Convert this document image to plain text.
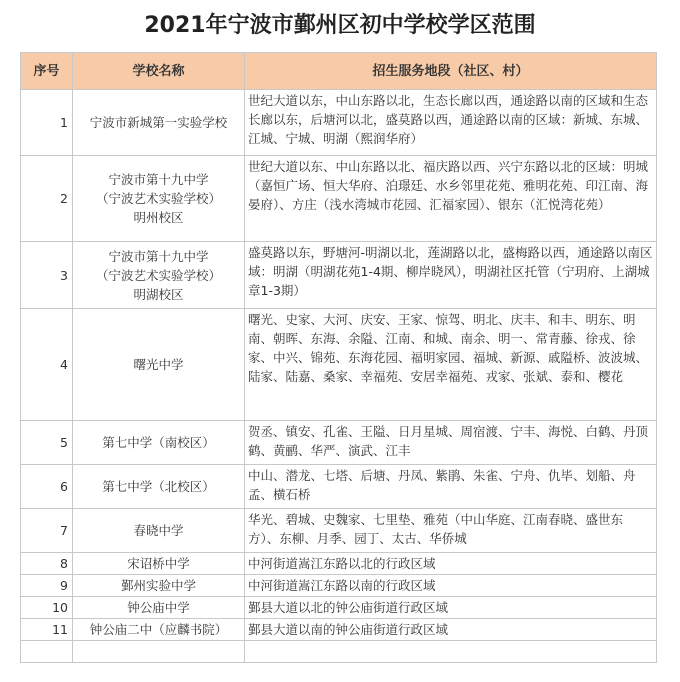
2021年宁波市鄞州区初中学校学区范围
序号	学校名称	招生服务地段（社区、村）
1	宁波市新城第一实验学校	世纪大道以东，中山东路以北，生态长廊以西，通途路以南的区域和生态长廊以东，后塘河以北，盛莫路以西，通途路以南的区域：新城、东城、江城、宁城、明湖（熙润华府）
2	宁波市第十九中学
（宁波艺术实验学校）
明州校区	世纪大道以东、中山东路以北、福庆路以西、兴宁东路以北的区域：明城（嘉恒广场、恒大华府、泊璟廷、水乡邻里花苑、雅明花苑、印江南、海晏府）、方庄（浅水湾城市花园、汇福家园）、银东（汇悦湾花苑）
3	宁波市第十九中学
（宁波艺术实验学校）
明湖校区	盛莫路以东，野塘河-明湖以北，莲湖路以北，盛梅路以西，通途路以南区域：明湖（明湖花苑1-4期、柳岸晓风），明湖社区托管（宁玥府、上湖城章1-3期）
4	曙光中学	曙光、史家、大河、庆安、王家、惊驾、明北、庆丰、和丰、明东、明南、朝晖、东海、余隘、江南、和城、南余、明一、常青藤、徐戎、徐家、中兴、锦苑、东海花园、福明家园、福城、新源、戚隘桥、波波城、陆家、陆嘉、桑家、幸福苑、安居幸福苑、戎家、张斌、泰和、樱花
5	第七中学（南校区）	贺丞、镇安、孔雀、王隘、日月星城、周宿渡、宁丰、海悦、白鹤、丹顶鹤、黄鹂、华严、演武、江丰
6	第七中学（北校区）	中山、潜龙、七塔、后塘、丹凤、紫鹃、朱雀、宁舟、仇毕、划船、舟孟、横石桥
7	春晓中学	华光、碧城、史魏家、七里垫、雅苑（中山华庭、江南春晓、盛世东方）、东柳、月季、园丁、太古、华侨城
8	宋诏桥中学	中河街道嵩江东路以北的行政区域
9	鄞州实验中学	中河街道嵩江东路以南的行政区域
10	钟公庙中学	鄞县大道以北的钟公庙街道行政区域
11	钟公庙二中（应麟书院）	鄞县大道以南的钟公庙街道行政区域
